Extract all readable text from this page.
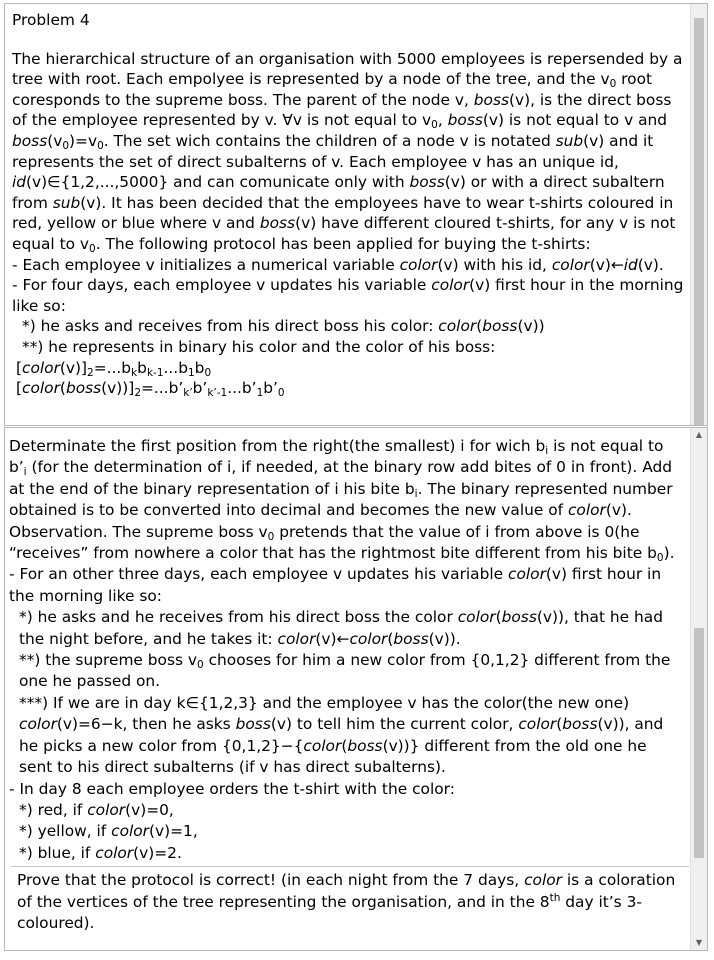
Problem 4

The hierarchical structure of an organisation with 5000 employees is repersended by a tree with root. Each empolyee is represented by a node of the tree, and the $v_0$ root coresponds to the supreme boss. The parent of the node v, boss(v), is the direct boss of the employee represented by v. ∀v is not equal to $v_0$, boss(v) is not equal to v and $boss(v_0)=v_0$. The set wich contains the children of a node v is notated sub(v) and it represents the set of direct subalterns of v. Each employee v has an unique id, id(v)∈{1,2,...,5000} and can comunicate only with boss(v) or with a direct subaltern from sub(v). It has been decided that the employees have to wear t-shirts coloured in red, yellow or blue where v and boss(v) have different cloured t-shirts, for any v is not equal to $v_0$. The following protocol has been applied for buying the t-shirts:

- Each employee v initializes a numerical variable color(v) with his id, color(v)←id(v).

- For four days, each employee v updates his variable color(v) first hour in the morning like so:

*) he asks and receives from his direct boss his color: color(boss(v))

**) he represents in binary his color and the color of his boss:

$[color(v)]_2=...b_kb_{k-1}...b_1b_0$

$[color(boss(v))]_2=...b’_{k’}b’_{k’-1}...b’_1b’_0$

Determinate the first position from the right(the smallest) i for wich $b_i$ is not equal to $b’_i$ (for the determination of i, if needed, at the binary row add bites of 0 in front). Add at the end of the binary representation of i his bite $b_i$. The binary represented number obtained is to be converted into decimal and becomes the new value of color(v).

Observation. The supreme boss $v_0$ pretends that the value of i from above is 0(he “receives” from nowhere a color that has the rightmost bite different from his bite $b_0$).

- For an other three days, each employee v updates his variable color(v) first hour in the morning like so:

*) he asks and he receives from his direct boss the color color(boss(v)), that he had the night before, and he takes it: color(v)←color(boss(v)).

**) the supreme boss $v_0$ chooses for him a new color from {0,1,2} different from the one he passed on.

***) If we are in day k∈{1,2,3} and the employee v has the color(the new one) color(v)=6−k, then he asks boss(v) to tell him the current color, color(boss(v)), and he picks a new color from {0,1,2}−{color(boss(v))} different from the old one he sent to his direct subalterns (if v has direct subalterns).

- In day 8 each employee orders the t-shirt with the color:

*) red, if color(v)=0,

*) yellow, if color(v)=1,

*) blue, if color(v)=2.

Prove that the protocol is correct! (in each night from the 7 days, color is a coloration of the vertices of the tree representing the organisation, and in the 8th day it’s 3-coloured).

▲
▼
